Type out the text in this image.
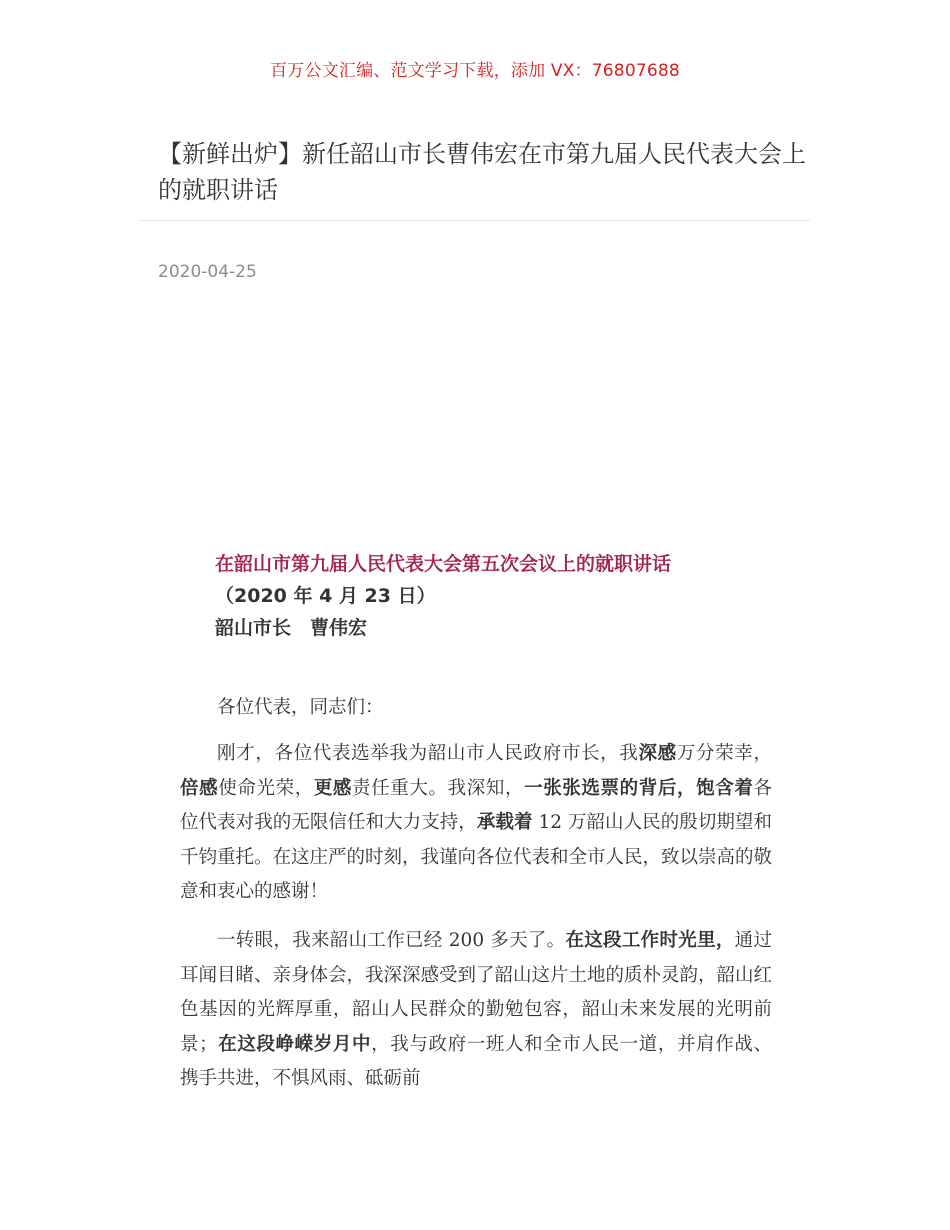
百万公文汇编、范文学习下载，添加 VX：76807688
【新鲜出炉】新任韶山市长曹伟宏在市第九届人民代表大会上的就职讲话
2020-04-25
在韶山市第九届人民代表大会第五次会议上的就职讲话
（2020 年 4 月 23 日）
韶山市长　曹伟宏

各位代表，同志们：

刚才，各位代表选举我为韶山市人民政府市长，我深感万分荣幸，倍感使命光荣，更感责任重大。我深知，一张张选票的背后，饱含着各位代表对我的无限信任和大力支持，承载着 12 万韶山人民的殷切期望和千钧重托。在这庄严的时刻，我谨向各位代表和全市人民，致以崇高的敬意和衷心的感谢！

一转眼，我来韶山工作已经 200 多天了。在这段工作时光里，通过耳闻目睹、亲身体会，我深深感受到了韶山这片土地的质朴灵韵，韶山红色基因的光辉厚重，韶山人民群众的勤勉包容，韶山未来发展的光明前景；在这段峥嵘岁月中，我与政府一班人和全市人民一道，并肩作战、携手共进，不惧风雨、砥砺前
